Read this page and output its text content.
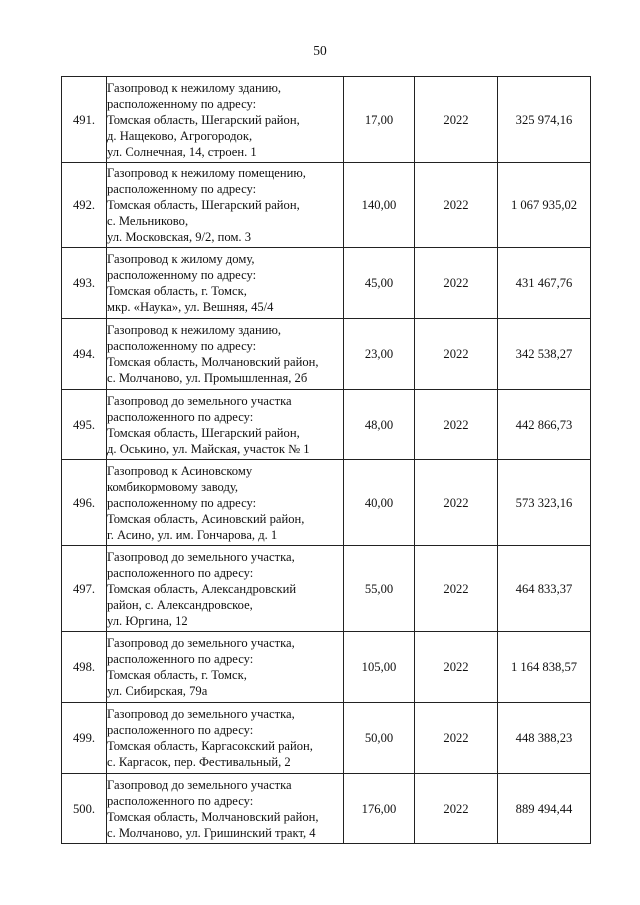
50
491.	Газопровод к нежилому зданию,
расположенному по адресу:
Томская область, Шегарский район,
д. Нащеково, Агрогородок,
ул. Солнечная, 14, строен. 1	17,00	2022	325 974,16
492.	Газопровод к нежилому помещению,
расположенному по адресу:
Томская область, Шегарский район,
с. Мельниково,
ул. Московская, 9/2, пом. 3	140,00	2022	1 067 935,02
493.	Газопровод к жилому дому,
расположенному по адресу:
Томская область, г. Томск,
мкр. «Наука», ул. Вешняя, 45/4	45,00	2022	431 467,76
494.	Газопровод к нежилому зданию,
расположенному по адресу:
Томская область, Молчановский район,
с. Молчаново, ул. Промышленная, 2б	23,00	2022	342 538,27
495.	Газопровод до земельного участка
расположенного по адресу:
Томская область, Шегарский район,
д. Оськино, ул. Майская, участок № 1	48,00	2022	442 866,73
496.	Газопровод к Асиновскому
комбикормовому заводу,
расположенному по адресу:
Томская область, Асиновский район,
г. Асино, ул. им. Гончарова, д. 1	40,00	2022	573 323,16
497.	Газопровод до земельного участка,
расположенного по адресу:
Томская область, Александровский
район, с. Александровское,
ул. Юргина, 12	55,00	2022	464 833,37
498.	Газопровод до земельного участка,
расположенного по адресу:
Томская область, г. Томск,
ул. Сибирская, 79а	105,00	2022	1 164 838,57
499.	Газопровод до земельного участка,
расположенного по адресу:
Томская область, Каргасокский район,
с. Каргасок, пер. Фестивальный, 2	50,00	2022	448 388,23
500.	Газопровод до земельного участка
расположенного по адресу:
Томская область, Молчановский район,
с. Молчаново, ул. Гришинский тракт, 4	176,00	2022	889 494,44
